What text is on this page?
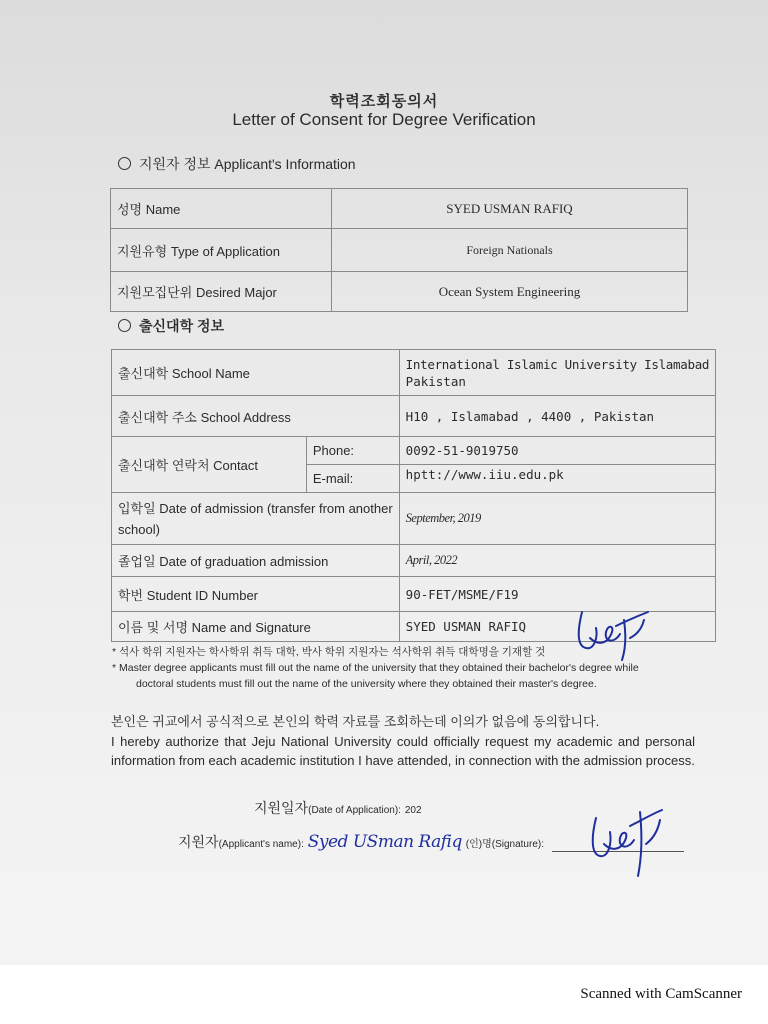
학력조회동의서
Letter of Consent for Degree Verification
지원자 정보 Applicant's Information
성명 Name	SYED USMAN RAFIQ
지원유형 Type of Application	Foreign Nationals
지원모집단위 Desired Major	Ocean System Engineering
출신대학 정보
출신대학 School Name		International Islamic University Islamabad
Pakistan

출신대학 주소 School Address		H10 , Islamabad , 4400 , Pakistan
출신대학 연락처 Contact	Phone:	0092-51-9019750
	E-mail:	hptt://www.iiu.edu.pk

입학일 Date of admission (transfer from another
school)		September, 2019
졸업일 Date of graduation admission		April, 2022
학번 Student ID Number		90-FET/MSME/F19
이름 및 서명 Name and Signature		SYED USMAN RAFIQ
* 석사 학위 지원자는 학사학위 취득 대학, 박사 학위 지원자는 석사학위 취득 대학명을 기재할 것
* Master degree applicants must fill out the name of the university that they obtained their bachelor's degree while
doctoral students must fill out the name of the university where they obtained their master's degree.
본인은 귀교에서 공식적으로 본인의 학력 자료를 조회하는데 이의가 없음에 동의합니다.
I hereby authorize that Jeju National University could officially request my academic and personal information from each academic institution I have attended, in connection with the admission process.
지원일자(Date of Application): 202
지원자(Applicant's name): Syed USman Rafiq (인)명(Signature):
Scanned with CamScanner
